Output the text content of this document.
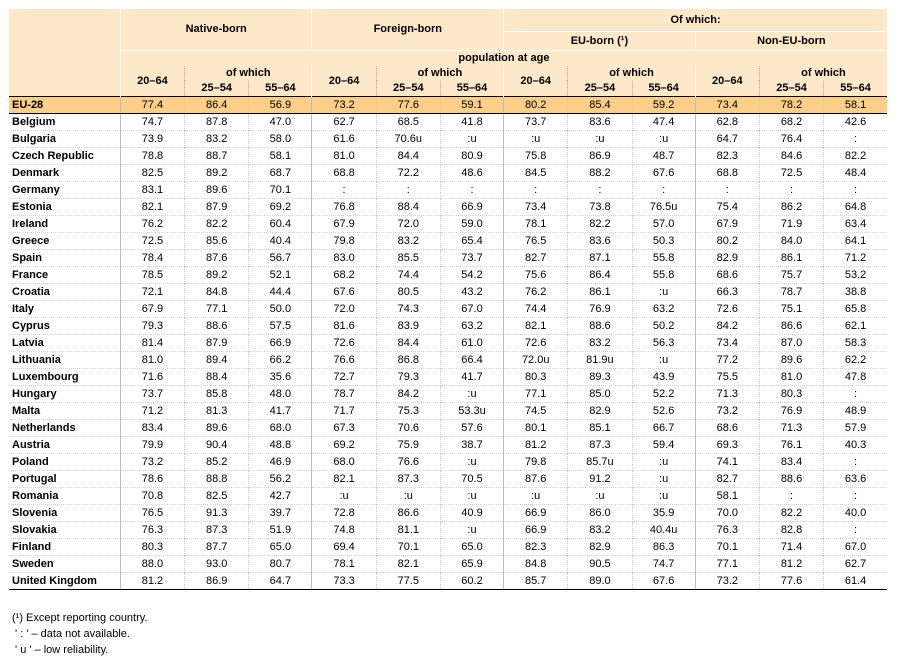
	Native-born			Foreign-born			Of which:					
							EU-born (¹)			Non-EU-born		
	population at age											
	20–64	of which		20–64	of which		20–64	of which		20–64	of which	
		25–54	55–64		25–54	55–64		25–54	55–64		25–54	55–64
EU-28	77.4	86.4	56.9	73.2	77.6	59.1	80.2	85.4	59.2	73.4	78.2	58.1
Belgium	74.7	87.8	47.0	62.7	68.5	41.8	73.7	83.6	47.4	62.8	68.2	42.6
Bulgaria	73.9	83.2	58.0	61.6	70.6u	:u	:u	:u	:u	64.7	76.4	:
Czech Republic	78.8	88.7	58.1	81.0	84.4	80.9	75.8	86.9	48.7	82.3	84.6	82.2
Denmark	82.5	89.2	68.7	68.8	72.2	48.6	84.5	88.2	67.6	68.8	72.5	48.4
Germany	83.1	89.6	70.1	:	:	:	:	:	:	:	:	:
Estonia	82.1	87.9	69.2	76.8	88.4	66.9	73.4	73.8	76.5u	75.4	86.2	64.8
Ireland	76.2	82.2	60.4	67.9	72.0	59.0	78.1	82.2	57.0	67.9	71.9	63.4
Greece	72.5	85.6	40.4	79.8	83.2	65.4	76.5	83.6	50.3	80.2	84.0	64.1
Spain	78.4	87.6	56.7	83.0	85.5	73.7	82.7	87.1	55.8	82.9	86.1	71.2
France	78.5	89.2	52.1	68.2	74.4	54.2	75.6	86.4	55.8	68.6	75.7	53.2
Croatia	72.1	84.8	44.4	67.6	80.5	43.2	76.2	86.1	:u	66.3	78.7	38.8
Italy	67.9	77.1	50.0	72.0	74.3	67.0	74.4	76.9	63.2	72.6	75.1	65.8
Cyprus	79.3	88.6	57.5	81.6	83.9	63.2	82.1	88.6	50.2	84.2	86.6	62.1
Latvia	81.4	87.9	66.9	72.6	84.4	61.0	72.6	83.2	56.3	73.4	87.0	58.3
Lithuania	81.0	89.4	66.2	76.6	86.8	66.4	72.0u	81.9u	:u	77.2	89.6	62.2
Luxembourg	71.6	88.4	35.6	72.7	79.3	41.7	80.3	89.3	43.9	75.5	81.0	47.8
Hungary	73.7	85.8	48.0	78.7	84.2	:u	77.1	85.0	52.2	71.3	80.3	:
Malta	71.2	81.3	41.7	71.7	75.3	53.3u	74.5	82.9	52.6	73.2	76.9	48.9
Netherlands	83.4	89.6	68.0	67.3	70.6	57.6	80.1	85.1	66.7	68.6	71.3	57.9
Austria	79.9	90.4	48.8	69.2	75.9	38.7	81.2	87.3	59.4	69.3	76.1	40.3
Poland	73.2	85.2	46.9	68.0	76.6	:u	79.8	85.7u	:u	74.1	83.4	:
Portugal	78.6	88.8	56.2	82.1	87.3	70.5	87.6	91.2	:u	82.7	88.6	63.6
Romania	70.8	82.5	42.7	:u	:u	:u	:u	:u	:u	58.1	:	:
Slovenia	76.5	91.3	39.7	72.8	86.6	40.9	66.9	86.0	35.9	70.0	82.2	40.0
Slovakia	76.3	87.3	51.9	74.8	81.1	:u	66.9	83.2	40.4u	76.3	82.8	:
Finland	80.3	87.7	65.0	69.4	70.1	65.0	82.3	82.9	86.3	70.1	71.4	67.0
Sweden	88.0	93.0	80.7	78.1	82.1	65.9	84.8	90.5	74.7	77.1	81.2	62.7
United Kingdom	81.2	86.9	64.7	73.3	77.5	60.2	85.7	89.0	67.6	73.2	77.6	61.4
(¹) Except reporting country.
' : ' – data not available.
' u ' – low reliability.
